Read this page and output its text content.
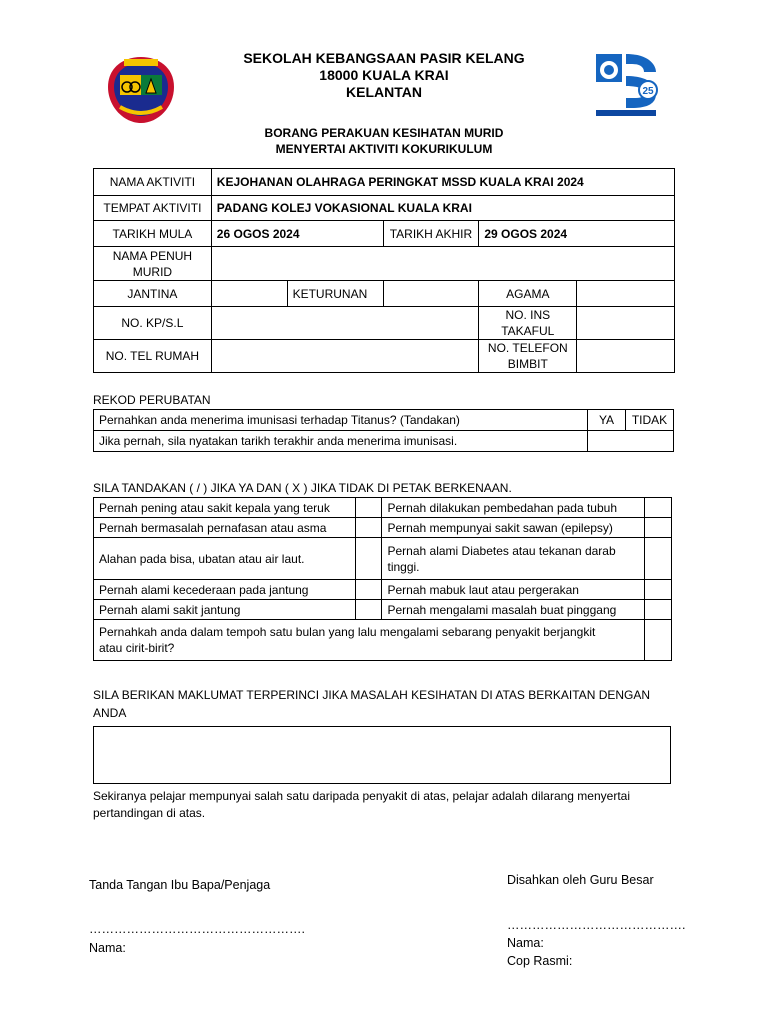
25
SEKOLAH KEBANGSAAN PASIR KELANG
18000 KUALA KRAI
KELANTAN
BORANG PERAKUAN KESIHATAN MURID
MENYERTAI AKTIVITI KOKURIKULUM
NAMA AKTIVITI	KEJOHANAN OLAHRAGA PERINGKAT MSSD KUALA KRAI 2024				
TEMPAT AKTIVITI	PADANG KOLEJ VOKASIONAL KUALA KRAI				
TARIKH MULA	26 OGOS 2024		TARIKH AKHIR	29 OGOS 2024	

NAMA PENUH
MURID					

JANTINA		KETURUNAN		AGAMA	
NO. KP/S.L				NO. INS
TAKAFUL	

NO. TEL RUMAH				NO. TELEFON
BIMBIT	

REKOD PERUBATAN
Pernahkan anda menerima imunisasi terhadap Titanus? (Tandakan)	YA	TIDAK
Jika pernah, sila nyatakan tarikh terakhir anda menerima imunisasi.		
SILA TANDAKAN ( / ) JIKA YA DAN ( X ) JIKA TIDAK DI PETAK BERKENAAN.
Pernah pening atau sakit kepala yang teruk		Pernah dilakukan pembedahan pada tubuh	
Pernah bermasalah pernafasan atau asma		Pernah mempunyai sakit sawan (epilepsy)	
Alahan pada bisa, ubatan atau air laut.		Pernah alami Diabetes atau tekanan darab
tinggi.	

Pernah alami kecederaan pada jantung		Pernah mabuk laut atau pergerakan	
Pernah alami sakit jantung		Pernah mengalami masalah buat pinggang	

Pernahkah anda dalam tempoh satu bulan yang lalu mengalami sebarang penyakit berjangkit
atau cirit-birit?			

SILA BERIKAN MAKLUMAT TERPERINCI JIKA MASALAH KESIHATAN DI ATAS BERKAITAN DENGAN
ANDA
Sekiranya pelajar mempunyai salah satu daripada penyakit di atas, pelajar adalah dilarang menyertai
pertandingan di atas.
Tanda Tangan Ibu Bapa/Penjaga
…………………………………………….
Nama:
Disahkan oleh Guru Besar
…………………………………….
Nama:
Cop Rasmi:
